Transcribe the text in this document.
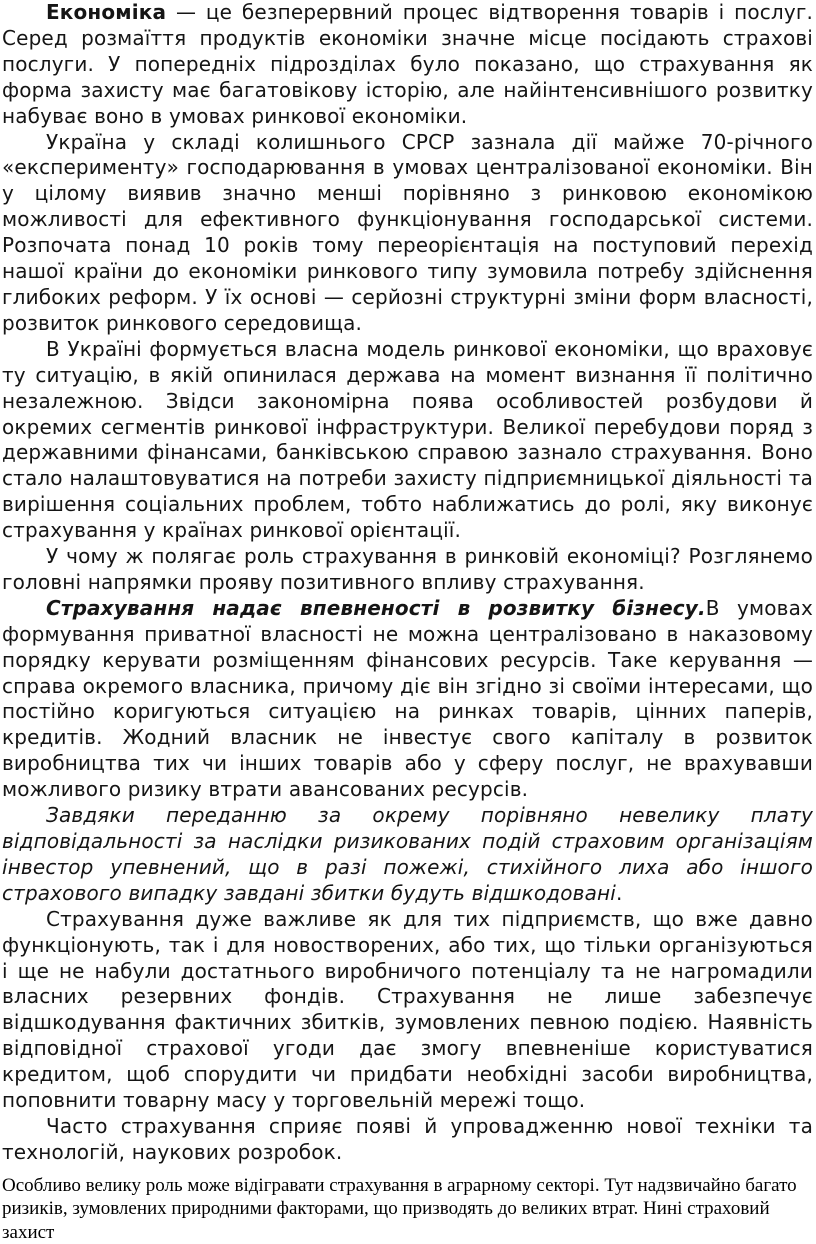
Економіка — це безперервний процес відтворення товарів і послуг. Серед розмаїття продуктів економіки значне місце посідають страхові послуги. У попередніх підрозділах було показано, що страхування як форма захисту має багатовікову історію, але найінтенсивнішого розвитку набуває воно в умовах ринкової економіки.

Україна у складі колишнього СРСР зазнала дії майже 70-річного «експерименту» господарювання в умовах централізованої економіки. Він у цілому виявив значно менші порівняно з ринковою економікою можливості для ефективного функціонування господарської системи. Розпочата понад 10 років тому переорієнтація на поступовий перехід нашої країни до економіки ринкового типу зумовила потребу здійснення глибоких реформ. У їх основі — серйозні структурні зміни форм власності, розвиток ринкового середовища.

В Україні формується власна модель ринкової економіки, що враховує ту ситуацію, в якій опинилася держава на момент визнання її політично незалежною. Звідси закономірна поява особливостей розбудови й окремих сегментів ринкової інфраструктури. Великої перебудови поряд з державними фінансами, банківською справою зазнало страхування. Воно стало налаштовуватися на потреби захисту підприємницької діяльності та вирішення соціальних проблем, тобто наближатись до ролі, яку виконує страхування у країнах ринкової орієнтації.

У чому ж полягає роль страхування в ринковій економіці? Розглянемо головні напрямки прояву позитивного впливу страхування.

Страхування надає впевненості в розвитку бізнесу.В умовах формування приватної власності не можна централізовано в наказовому порядку керувати розміщенням фінансових ресурсів. Таке керування — справа окремого власника, причому діє він згідно зі своїми інтересами, що постійно коригуються ситуацією на ринках товарів, цінних паперів, кредитів. Жодний власник не інвестує свого капіталу в розвиток виробництва тих чи інших товарів або у сферу послуг, не врахувавши можливого ризику втрати авансованих ресурсів.

Завдяки переданню за окрему порівняно невелику плату відповідальності за наслідки ризикованих подій страховим організаціям інвестор упевнений, що в разі пожежі, стихійного лиха або іншого страхового випадку завдані збитки будуть відшкодовані.

Страхування дуже важливе як для тих підприємств, що вже давно функціонують, так і для новостворених, або тих, що тільки організуються і ще не набули достатнього виробничого потенціалу та не нагромадили власних резервних фондів. Страхування не лише забезпечує відшкодування фактичних збитків, зумовлених певною подією. Наявність відповідної страхової угоди дає змогу впевненіше користуватися кредитом, щоб спорудити чи придбати необхідні засоби виробництва, поповнити товарну масу у торговельній мережі тощо.

Часто страхування сприяє появі й упровадженню нової техніки та технологій, наукових розробок.

Особливо велику роль може відігравати страхування в аграрному секторі. Тут надзвичайно багато ризиків, зумовлених природними факторами, що призводять до великих втрат. Нині страховий захист
